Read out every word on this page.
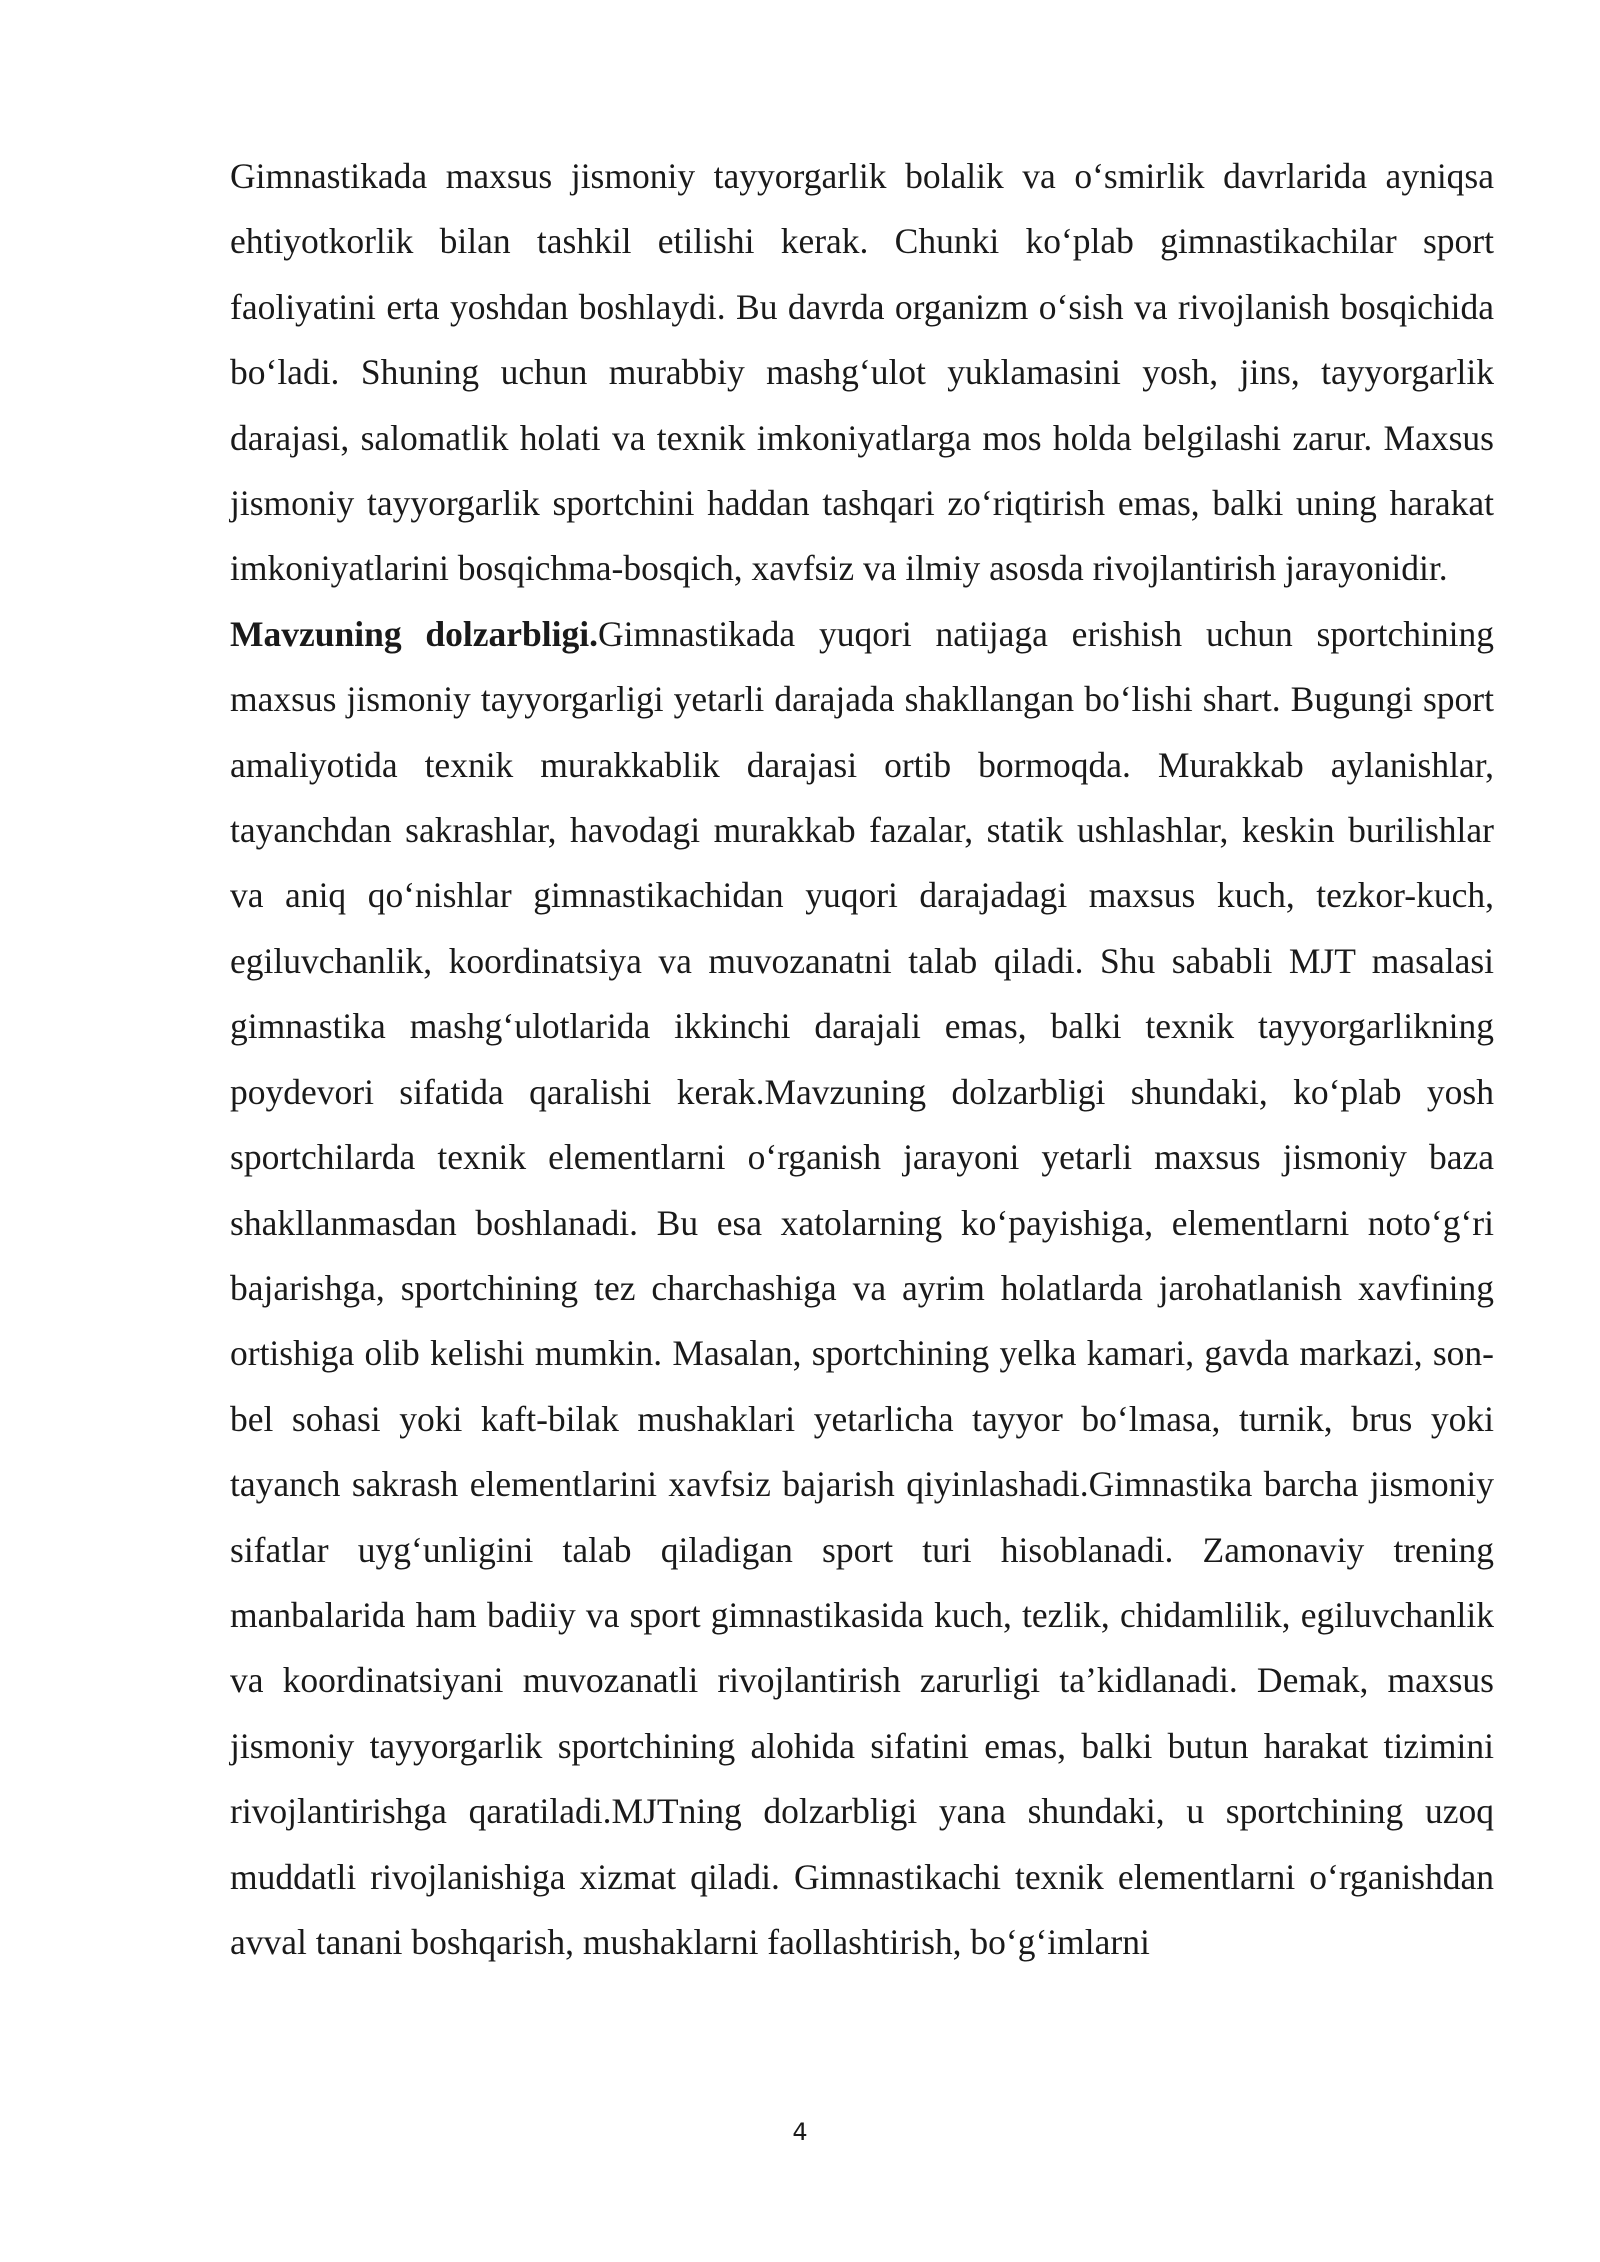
Gimnastikada maxsus jismoniy tayyorgarlik bolalik va o‘smirlik davrlarida ayniqsa ehtiyotkorlik bilan tashkil etilishi kerak. Chunki ko‘plab gimnastikachilar sport faoliyatini erta yoshdan boshlaydi. Bu davrda organizm o‘sish va rivojlanish bosqichida bo‘ladi. Shuning uchun murabbiy mashg‘ulot yuklamasini yosh, jins, tayyorgarlik darajasi, salomatlik holati va texnik imkoniyatlarga mos holda belgilashi zarur. Maxsus jismoniy tayyorgarlik sportchini haddan tashqari zo‘riqtirish emas, balki uning harakat imkoniyatlarini bosqichma-bosqich, xavfsiz va ilmiy asosda rivojlantirish jarayonidir.

Mavzuning dolzarbligi.Gimnastikada yuqori natijaga erishish uchun sportchining maxsus jismoniy tayyorgarligi yetarli darajada shakllangan bo‘lishi shart. Bugungi sport amaliyotida texnik murakkablik darajasi ortib bormoqda. Murakkab aylanishlar, tayanchdan sakrashlar, havodagi murakkab fazalar, statik ushlashlar, keskin burilishlar va aniq qo‘nishlar gimnastikachidan yuqori darajadagi maxsus kuch, tezkor-kuch, egiluvchanlik, koordinatsiya va muvozanatni talab qiladi. Shu sababli MJT masalasi gimnastika mashg‘ulotlarida ikkinchi darajali emas, balki texnik tayyorgarlikning poydevori sifatida qaralishi kerak.Mavzuning dolzarbligi shundaki, ko‘plab yosh sportchilarda texnik elementlarni o‘rganish jarayoni yetarli maxsus jismoniy baza shakllanmasdan boshlanadi. Bu esa xatolarning ko‘payishiga, elementlarni noto‘g‘ri bajarishga, sportchining tez charchashiga va ayrim holatlarda jarohatlanish xavfining ortishiga olib kelishi mumkin. Masalan, sportchining yelka kamari, gavda markazi, son-bel sohasi yoki kaft-bilak mushaklari yetarlicha tayyor bo‘lmasa, turnik, brus yoki tayanch sakrash elementlarini xavfsiz bajarish qiyinlashadi.Gimnastika barcha jismoniy sifatlar uyg‘unligini talab qiladigan sport turi hisoblanadi. Zamonaviy trening manbalarida ham badiiy va sport gimnastikasida kuch, tezlik, chidamlilik, egiluvchanlik va koordinatsiyani muvozanatli rivojlantirish zarurligi ta’kidlanadi. Demak, maxsus jismoniy tayyorgarlik sportchining alohida sifatini emas, balki butun harakat tizimini rivojlantirishga qaratiladi.MJTning dolzarbligi yana shundaki, u sportchining uzoq muddatli rivojlanishiga xizmat qiladi. Gimnastikachi texnik elementlarni o‘rganishdan avval tanani boshqarish, mushaklarni faollashtirish, bo‘g‘imlarni

4
